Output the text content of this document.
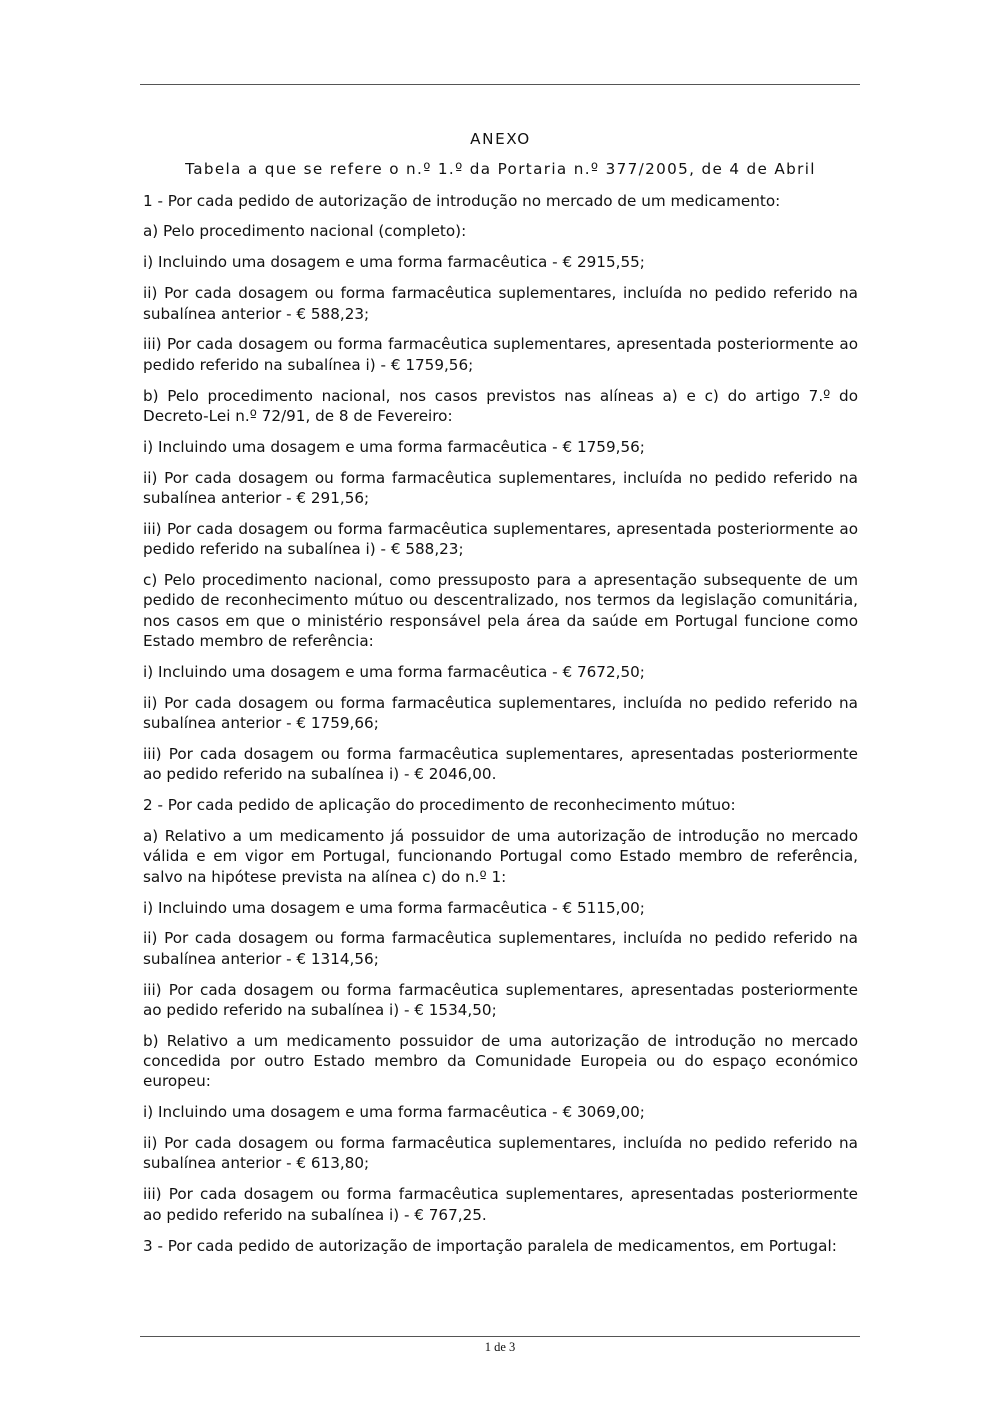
ANEXO
Tabela a que se refere o n.º 1.º da Portaria n.º 377/2005, de 4 de Abril
1 - Por cada pedido de autorização de introdução no mercado de um medicamento:
a) Pelo procedimento nacional (completo):
i) Incluindo uma dosagem e uma forma farmacêutica - € 2915,55;
ii) Por cada dosagem ou forma farmacêutica suplementares, incluída no pedido referido na subalínea anterior - € 588,23;
iii) Por cada dosagem ou forma farmacêutica suplementares, apresentada posteriormente ao pedido referido na subalínea i) - € 1759,56;
b) Pelo procedimento nacional, nos casos previstos nas alíneas a) e c) do artigo 7.º do Decreto-Lei n.º 72/91, de 8 de Fevereiro:
i) Incluindo uma dosagem e uma forma farmacêutica - € 1759,56;
ii) Por cada dosagem ou forma farmacêutica suplementares, incluída no pedido referido na subalínea anterior - € 291,56;
iii) Por cada dosagem ou forma farmacêutica suplementares, apresentada posteriormente ao pedido referido na subalínea i) - € 588,23;
c) Pelo procedimento nacional, como pressuposto para a apresentação subsequente de um pedido de reconhecimento mútuo ou descentralizado, nos termos da legislação comunitária, nos casos em que o ministério responsável pela área da saúde em Portugal funcione como Estado membro de referência:
i) Incluindo uma dosagem e uma forma farmacêutica - € 7672,50;
ii) Por cada dosagem ou forma farmacêutica suplementares, incluída no pedido referido na subalínea anterior - € 1759,66;
iii) Por cada dosagem ou forma farmacêutica suplementares, apresentadas posteriormente ao pedido referido na subalínea i) - € 2046,00.
2 - Por cada pedido de aplicação do procedimento de reconhecimento mútuo:
a) Relativo a um medicamento já possuidor de uma autorização de introdução no mercado válida e em vigor em Portugal, funcionando Portugal como Estado membro de referência, salvo na hipótese prevista na alínea c) do n.º 1:
i) Incluindo uma dosagem e uma forma farmacêutica - € 5115,00;
ii) Por cada dosagem ou forma farmacêutica suplementares, incluída no pedido referido na subalínea anterior - € 1314,56;
iii) Por cada dosagem ou forma farmacêutica suplementares, apresentadas posteriormente ao pedido referido na subalínea i) - € 1534,50;
b) Relativo a um medicamento possuidor de uma autorização de introdução no mercado concedida por outro Estado membro da Comunidade Europeia ou do espaço económico europeu:
i) Incluindo uma dosagem e uma forma farmacêutica - € 3069,00;
ii) Por cada dosagem ou forma farmacêutica suplementares, incluída no pedido referido na subalínea anterior - € 613,80;
iii) Por cada dosagem ou forma farmacêutica suplementares, apresentadas posteriormente ao pedido referido na subalínea i) - € 767,25.
3 - Por cada pedido de autorização de importação paralela de medicamentos, em Portugal:
1 de 3
